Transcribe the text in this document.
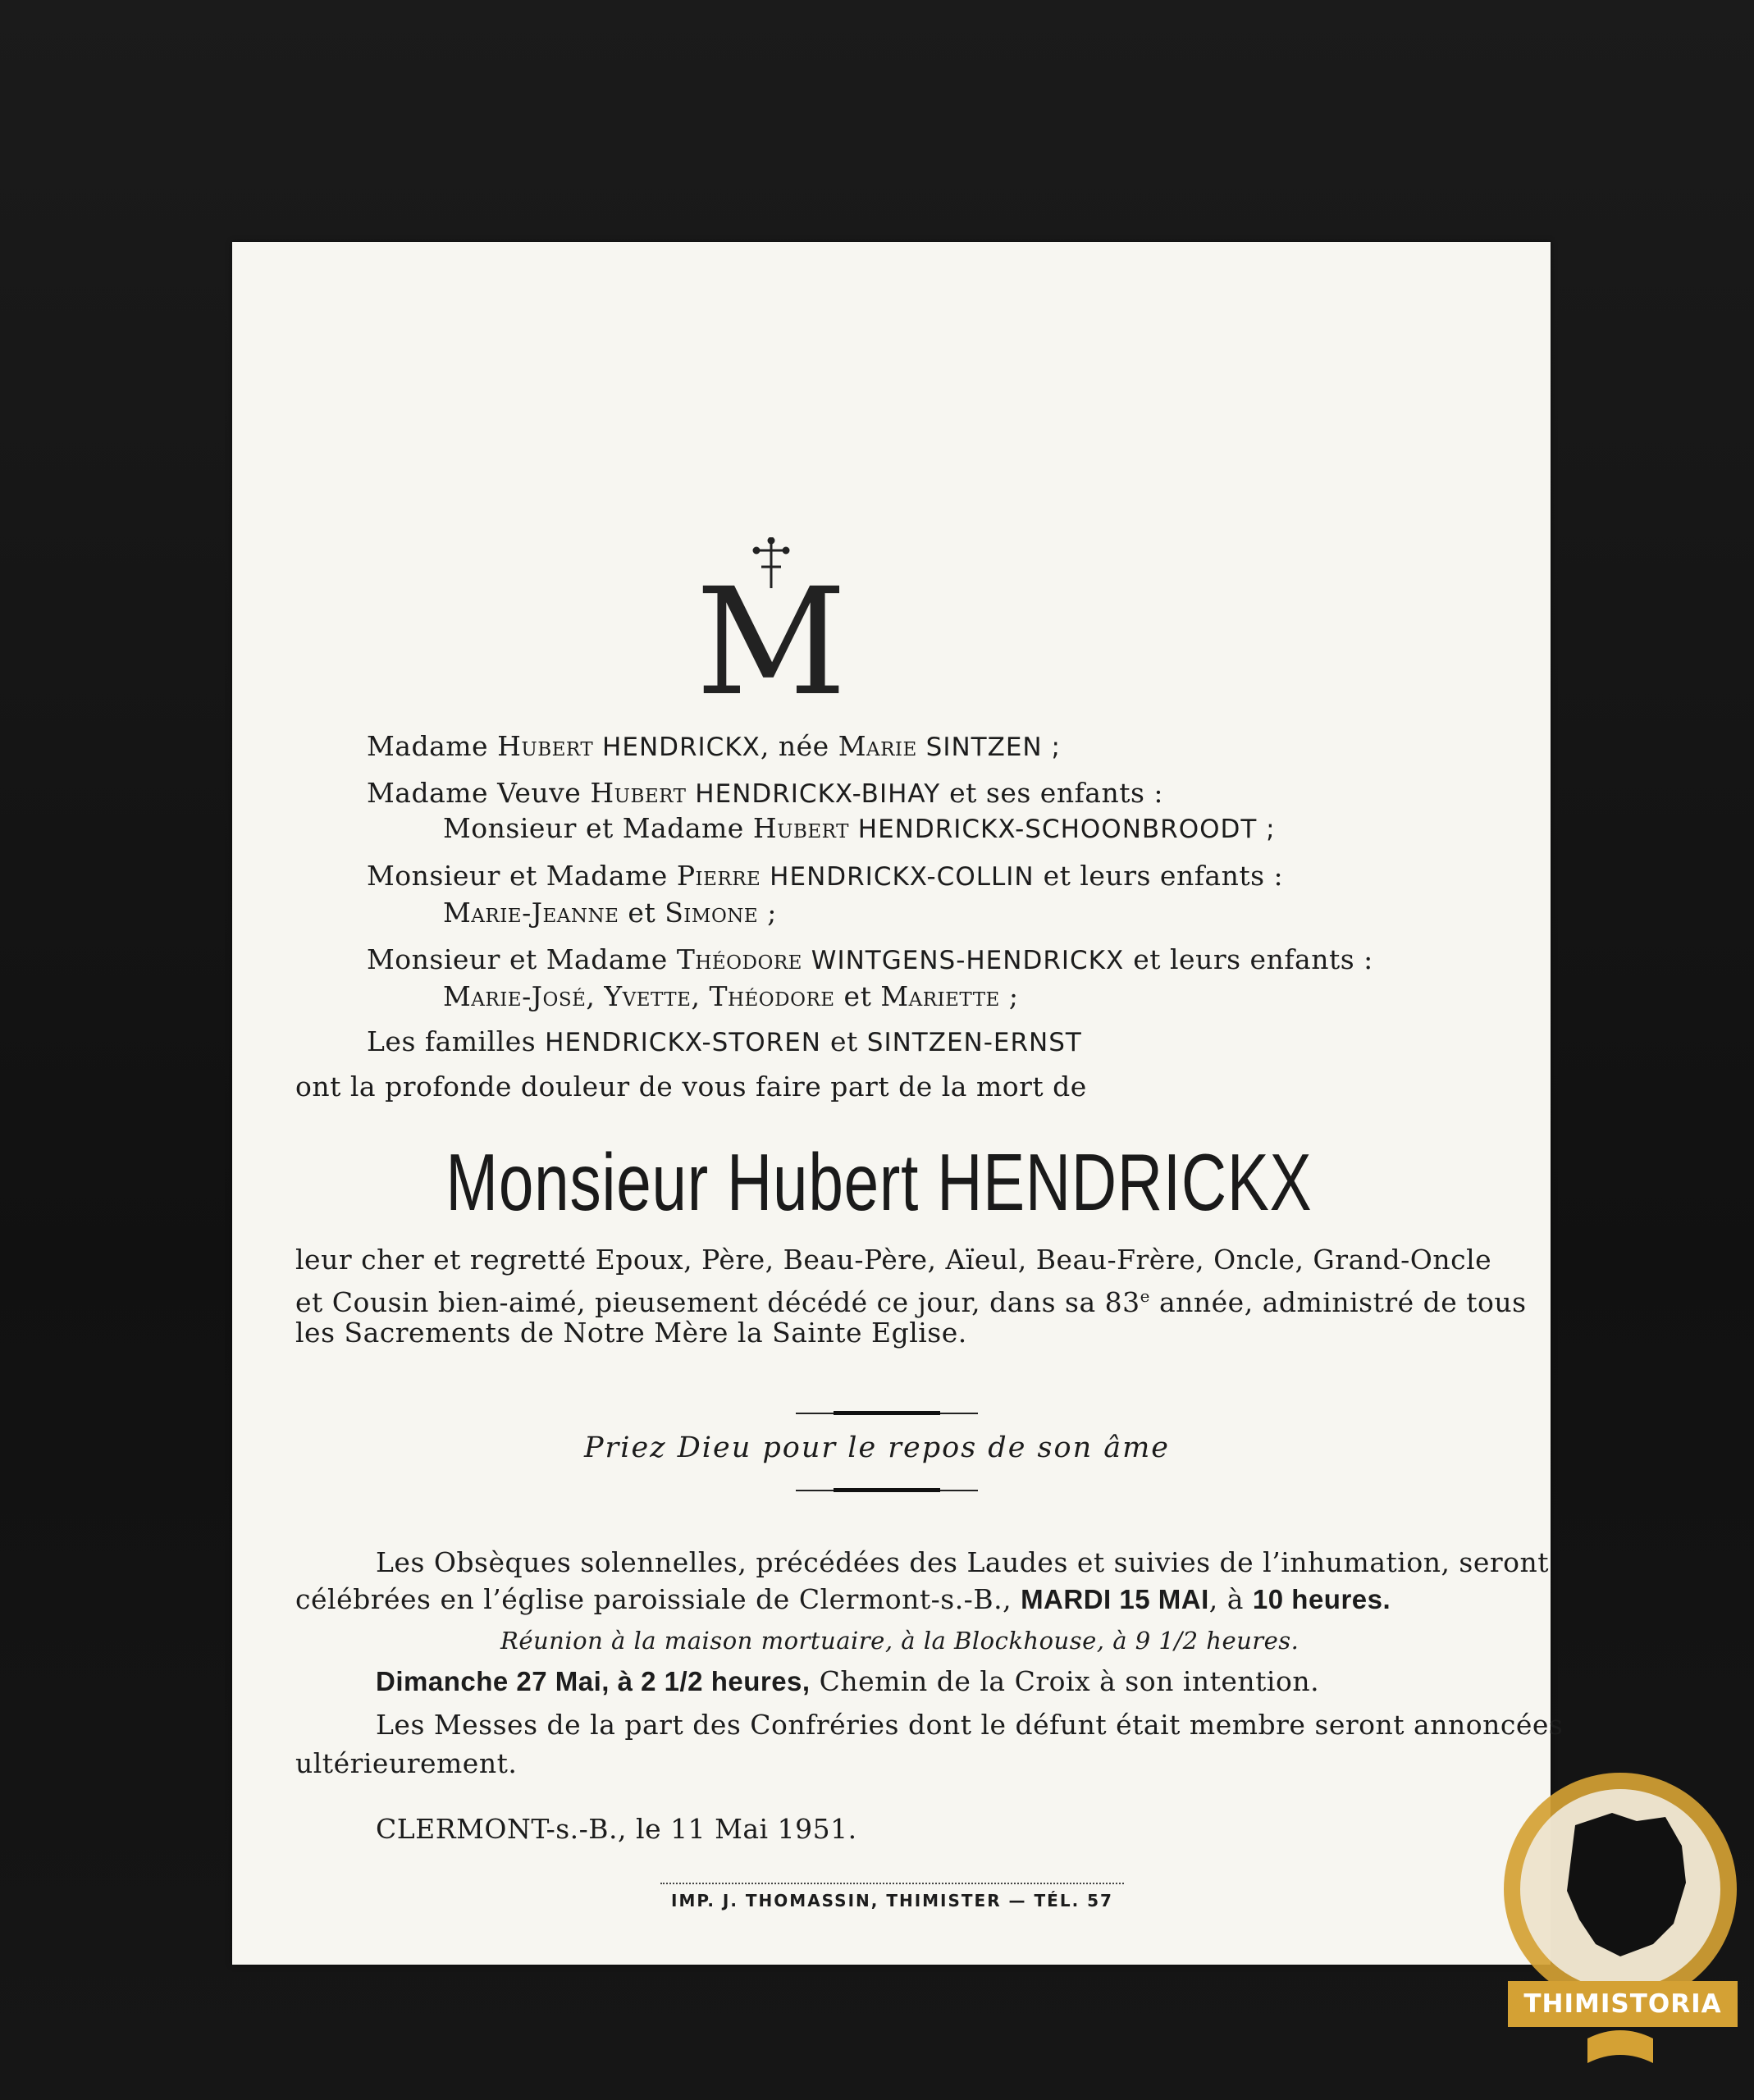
M
Madame Hubert HENDRICKX, née Marie SINTZEN ;
Madame Veuve Hubert HENDRICKX-BIHAY et ses enfants :
Monsieur et Madame Hubert HENDRICKX-SCHOONBROODT ;
Monsieur et Madame Pierre HENDRICKX-COLLIN et leurs enfants :
Marie-Jeanne et Simone ;
Monsieur et Madame Théodore WINTGENS-HENDRICKX et leurs enfants :
Marie-José, Yvette, Théodore et Mariette ;
Les familles HENDRICKX-STOREN et SINTZEN-ERNST
ont la profonde douleur de vous faire part de la mort de
Monsieur Hubert HENDRICKX
leur cher et regretté Epoux, Père, Beau-Père, Aïeul, Beau-Frère, Oncle, Grand-Oncle
et Cousin bien-aimé, pieusement décédé ce jour, dans sa 83e année, administré de tous
les Sacrements de Notre Mère la Sainte Eglise.
Priez Dieu pour le repos de son âme
Les Obsèques solennelles, précédées des Laudes et suivies de l’inhumation, seront
célébrées en l’église paroissiale de Clermont-s.-B., MARDI 15 MAI, à 10 heures.
Réunion à la maison mortuaire, à la Blockhouse, à 9 1/2 heures.
Dimanche 27 Mai, à 2 1/2 heures, Chemin de la Croix à son intention.
Les Messes de la part des Confréries dont le défunt était membre seront annoncées
ultérieurement.
CLERMONT-s.-B., le 11 Mai 1951.
IMP. J. THOMASSIN, THIMISTER — TÉL. 57
THIMISTORIA
